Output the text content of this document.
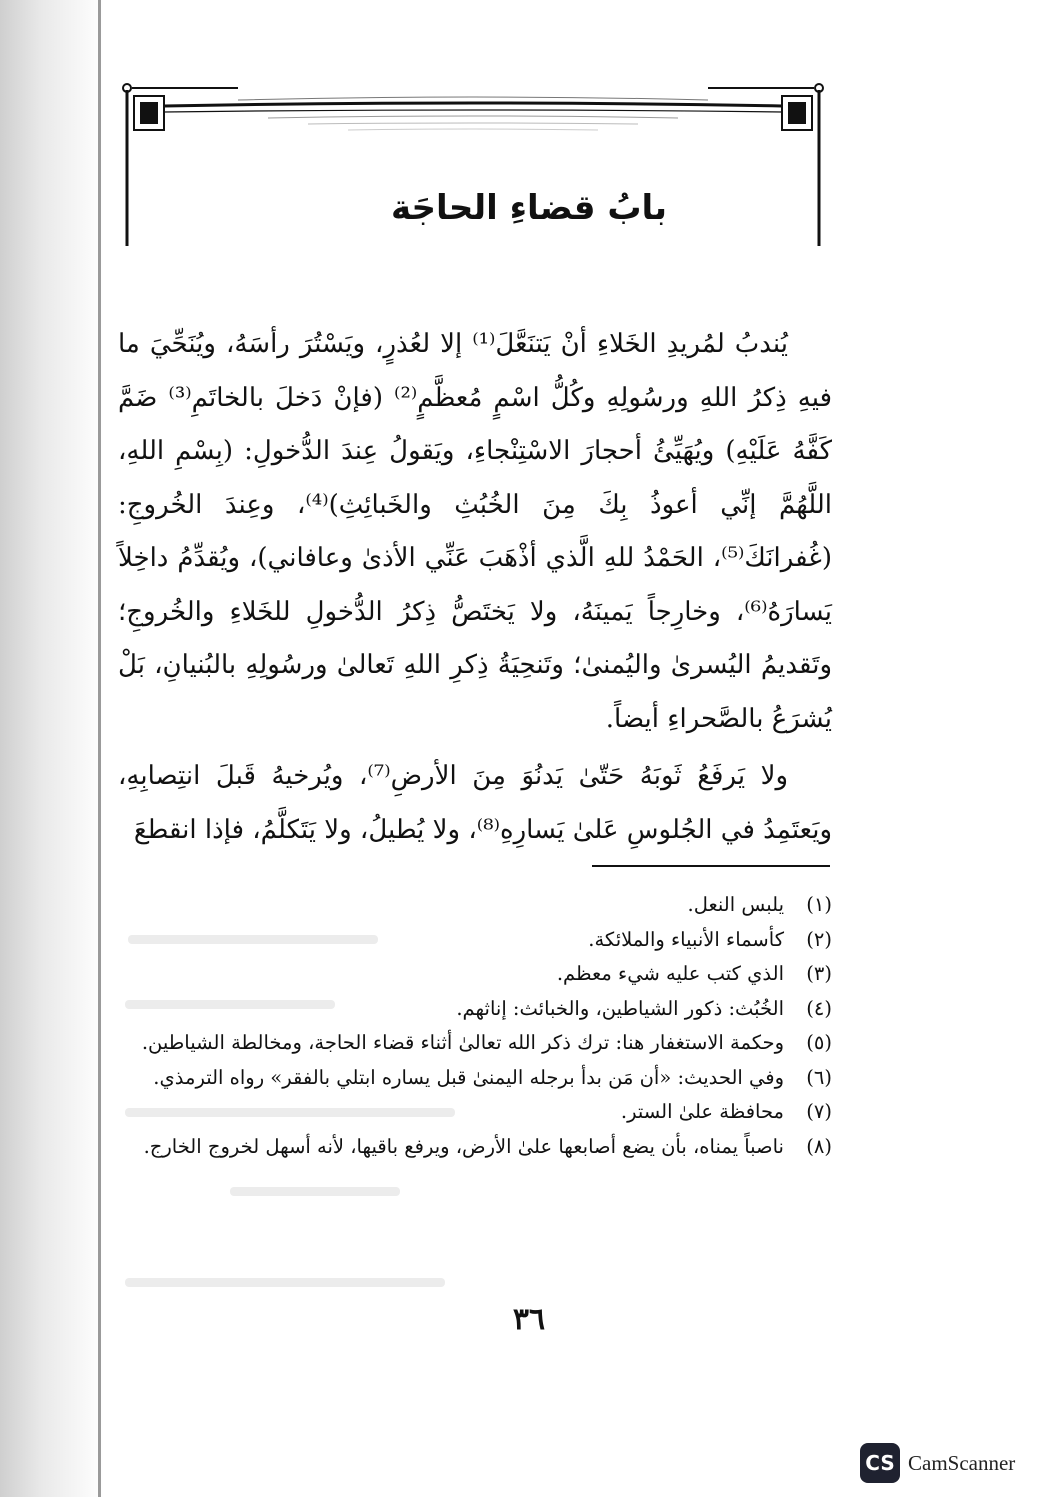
بابُ قضاءِ الحاجَة

يُندبُ لمُريدِ الخَلاءِ أنْ يَتنَعَّلَ⁽¹⁾ إلا لعُذرٍ، ويَسْتُرَ رأسَهُ، ويُنَحِّيَ ما فيهِ ذِكرُ اللهِ ورسُولِهِ وكُلُّ اسْمٍ مُعظَّمٍ⁽²⁾ (فإنْ دَخلَ بالخاتَمِ⁽³⁾ ضَمَّ كَفَّهُ عَلَيْهِ) ويُهَيِّئُ أحجارَ الاسْتِنْجاءِ، ويَقولُ عِندَ الدُّخولِ: (بِسْمِ اللهِ، اللَّهُمَّ إنِّي أعوذُ بِكَ مِنَ الخُبُثِ والخَبائِثِ)⁽⁴⁾، وعِندَ الخُروجِ: (غُفرانَكَ⁽⁵⁾، الحَمْدُ للهِ الَّذي أذْهَبَ عَنِّي الأذىٰ وعافاني)، ويُقدِّمُ داخِلاً يَسارَهُ⁽⁶⁾، وخارِجاً يَمينَهُ، ولا يَختَصُّ ذِكرُ الدُّخولِ للخَلاءِ والخُروجِ؛ وتَقديمُ اليُسرىٰ واليُمنىٰ؛ وتَنحِيَةُ ذِكرِ اللهِ تَعالىٰ ورسُولِهِ بالبُنيانِ، بَلْ يُشرَعُ بالصَّحراءِ أيضاً.

ولا يَرفَعُ ثَوبَهُ حَتّىٰ يَدنُوَ مِنَ الأرضِ⁽⁷⁾، ويُرخيهُ قَبلَ انتِصابِهِ، ويَعتَمِدُ في الجُلوسِ عَلىٰ يَسارِهِ⁽⁸⁾، ولا يُطيلُ، ولا يَتَكلَّمُ، فإذا انقطعَ

(١)
يلبس النعل.
(٢)
كأسماء الأنبياء والملائكة.
(٣)
الذي كتب عليه شيء معظم.
(٤)
الخُبُث: ذكور الشياطين، والخبائث: إناثهم.
(٥)
وحكمة الاستغفار هنا: ترك ذكر الله تعالىٰ أثناء قضاء الحاجة، ومخالطة الشياطين.
(٦)
وفي الحديث: «أن مَن بدأ برجله اليمنىٰ قبل يساره ابتلي بالفقر» رواه الترمذي.
(٧)
محافظة علىٰ الستر.
(٨)
ناصباً يمناه، بأن يضع أصابعها علىٰ الأرض، ويرفع باقيها، لأنه أسهل لخروج الخارج.
٣٦
CS CamScanner
